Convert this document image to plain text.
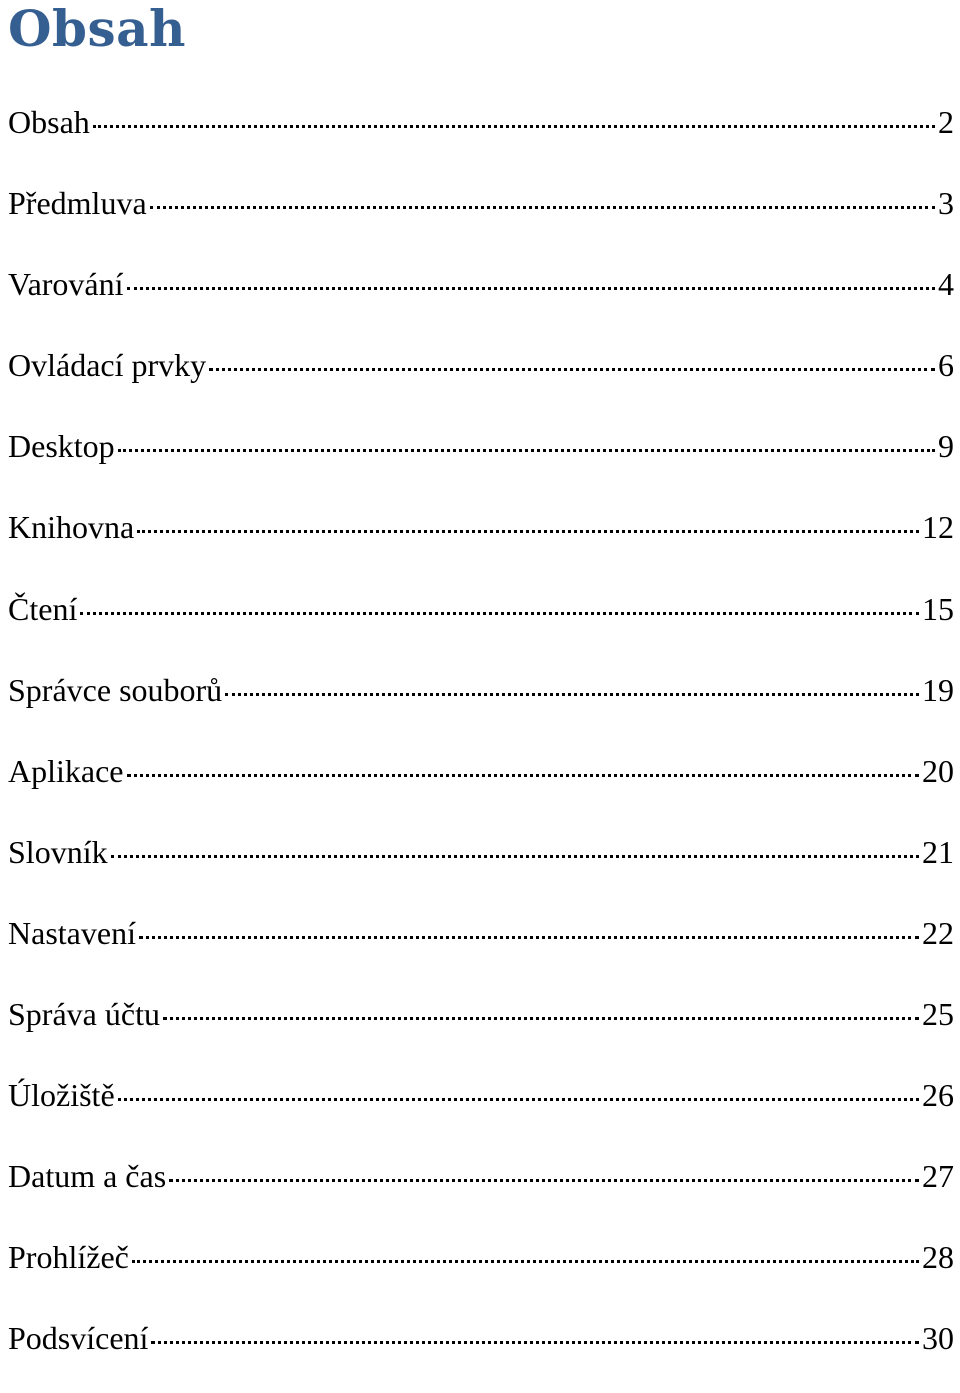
Obsah
Obsah	2
Předmluva	3
Varování	4
Ovládací prvky	6
Desktop	9
Knihovna	12
Čtení	15
Správce souborů	19
Aplikace	20
Slovník	21
Nastavení	22
Správa účtu	25
Úložiště	26
Datum a čas	27
Prohlížeč	28
Podsvícení	30
